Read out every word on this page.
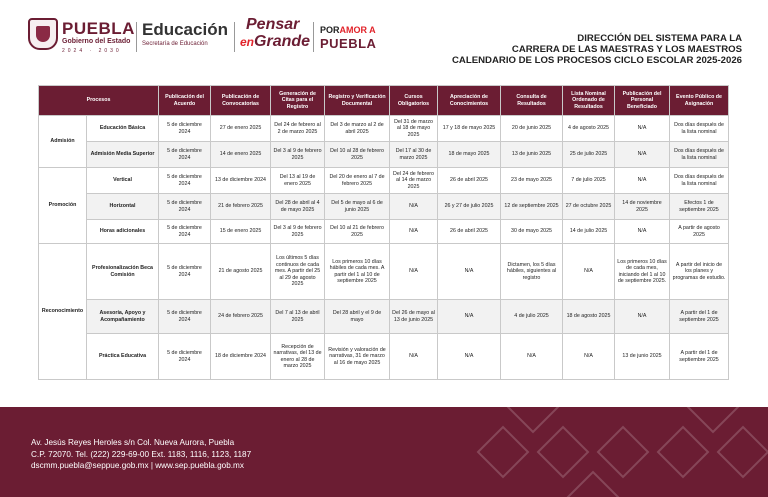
PUEBLA
Gobierno del Estado
2024 · 2030
Educación
Secretaría de Educación
Pensar
enGrande
PORAMOR A
PUEBLA	DIRECCIÓN DEL SISTEMA PARA LA
CARRERA DE LAS MAESTRAS Y LOS MAESTROS
CALENDARIO DE LOS PROCESOS CICLO ESCOLAR 2025-2026
Procesos		Publicación del Acuerdo	Publicación de Convocatorias	Generación de Citas para el Registro	Registro y Verificación Documental	Cursos Obligatorios	Apreciación de Conocimientos	Consulta de Resultados	Lista Nominal Ordenado de Resultados	Publicación del Personal Beneficiado	Evento Público de Asignación
Admisión	Educación Básica	5 de diciembre 2024	27 de enero 2025	Del 24 de febrero al 2 de marzo 2025	Del 3 de marzo al 2 de abril 2025	Del 31 de marzo al 18 de mayo 2025	17 y 18 de mayo 2025	20 de junio 2025	4 de agosto 2025	N/A	Dos días después de la lista nominal
	Admisión Media Superior	5 de diciembre 2024	14 de enero 2025	Del 3 al 9 de febrero 2025	Del 10 al 28 de febrero 2025	Del 17 al 30 de marzo 2025	18 de mayo 2025	13 de junio 2025	25 de julio 2025	N/A	Dos días después de la lista nominal
Promoción	Vertical	5 de diciembre 2024	13 de diciembre 2024	Del 13 al 19 de enero 2025	Del 20 de enero al 7 de febrero 2025	Del 24 de febrero al 14 de marzo 2025	26 de abril 2025	23 de mayo 2025	7 de julio 2025	N/A	Dos días después de la lista nominal
	Horizontal	5 de diciembre 2024	21 de febrero 2025	Del 28 de abril al 4 de mayo 2025	Del 5 de mayo al 6 de junio 2025	N/A	26 y 27 de julio 2025	12 de septiembre 2025	27 de octubre 2025	14 de noviembre 2025	Efectos 1 de septiembre 2025
	Horas adicionales	5 de diciembre 2024	15 de enero 2025	Del 3 al 9 de febrero 2025	Del 10 al 21 de febrero 2025	N/A	26 de abril 2025	30 de mayo 2025	14 de julio 2025	N/A	A partir de agosto 2025
Reconocimiento	Profesionalización Beca Comisión	5 de diciembre 2024	21 de agosto 2025	Los últimos 5 días continuos de cada mes. A partir del 25 al 29 de agosto 2025	Los primeros 10 días hábiles de cada mes. A partir del 1 al 10 de septiembre 2025	N/A	N/A	Dictamen, los 5 días hábiles, siguientes al registro	N/A	Los primeros 10 días de cada mes, iniciando del 1 al 10 de septiembre 2025.	A partir del inicio de los planes y programas de estudio.
	Asesoría, Apoyo y Acompañamiento	5 de diciembre 2024	24 de febrero 2025	Del 7 al 13 de abril 2025	Del 28 abril y el 9 de mayo	Del 26 de mayo al 13 de junio 2025	N/A	4 de julio 2025	18 de agosto 2025	N/A	A partir del 1 de septiembre 2025
	Práctica Educativa	5 de diciembre 2024	18 de diciembre 2024	Recepción de narrativas, del 13 de enero al 28 de marzo 2025	Revisión y valoración de narrativas, 31 de marzo al 16 de mayo 2025	N/A	N/A	N/A	N/A	13 de junio 2025	A partir del 1 de septiembre 2025
Av. Jesús Reyes Heroles s/n Col. Nueva Aurora, Puebla
C.P. 72070. Tel. (222) 229-69-00 Ext. 1183, 1116, 1123, 1187
dscmm.puebla@seppue.gob.mx | www.sep.puebla.gob.mx
